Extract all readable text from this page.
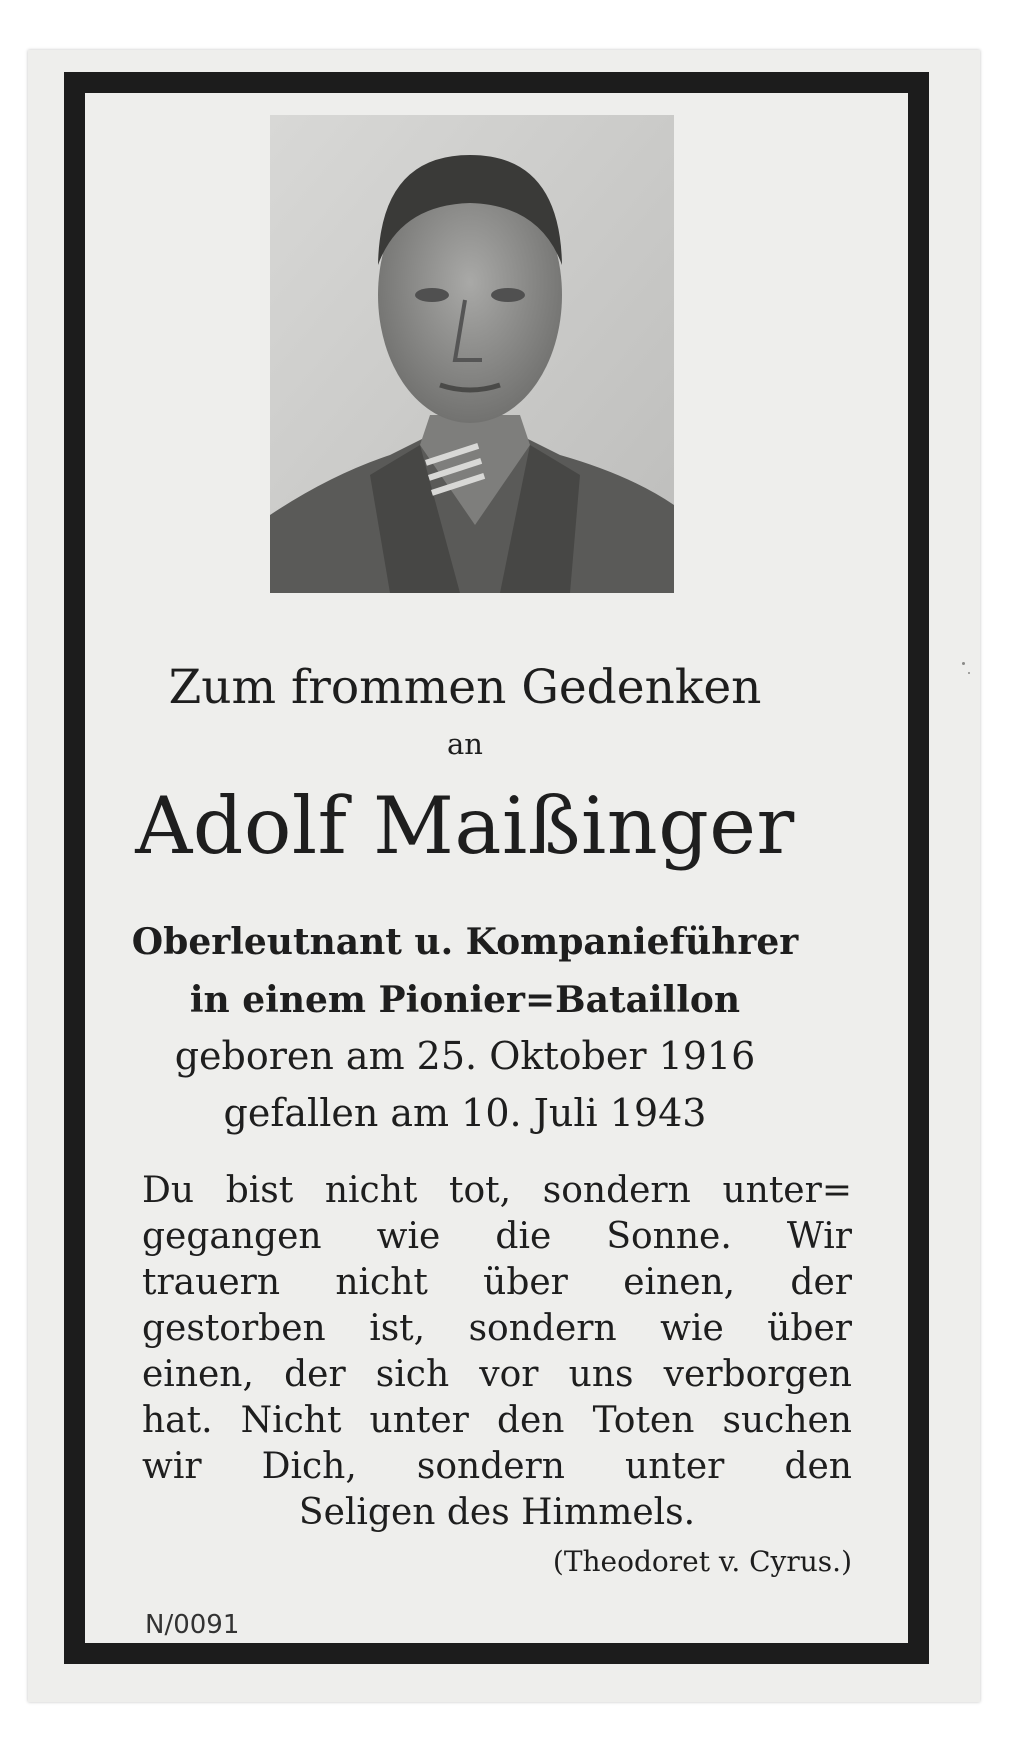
Zum frommen Gedenken

an

Adolf Maißinger

Oberleutnant u. Kompanieführer

in einem Pionier=Bataillon

geboren am 25. Oktober 1916

gefallen am 10. Juli 1943

Du bist nicht tot, sondern unter=
gegangen wie die Sonne. Wir
trauern nicht über einen, der
gestorben ist, sondern wie über
einen, der sich vor uns verborgen
hat. Nicht unter den Toten suchen
wir Dich, sondern unter den
Seligen des Himmels.

(Theodoret v. Cyrus.)

N/0091
